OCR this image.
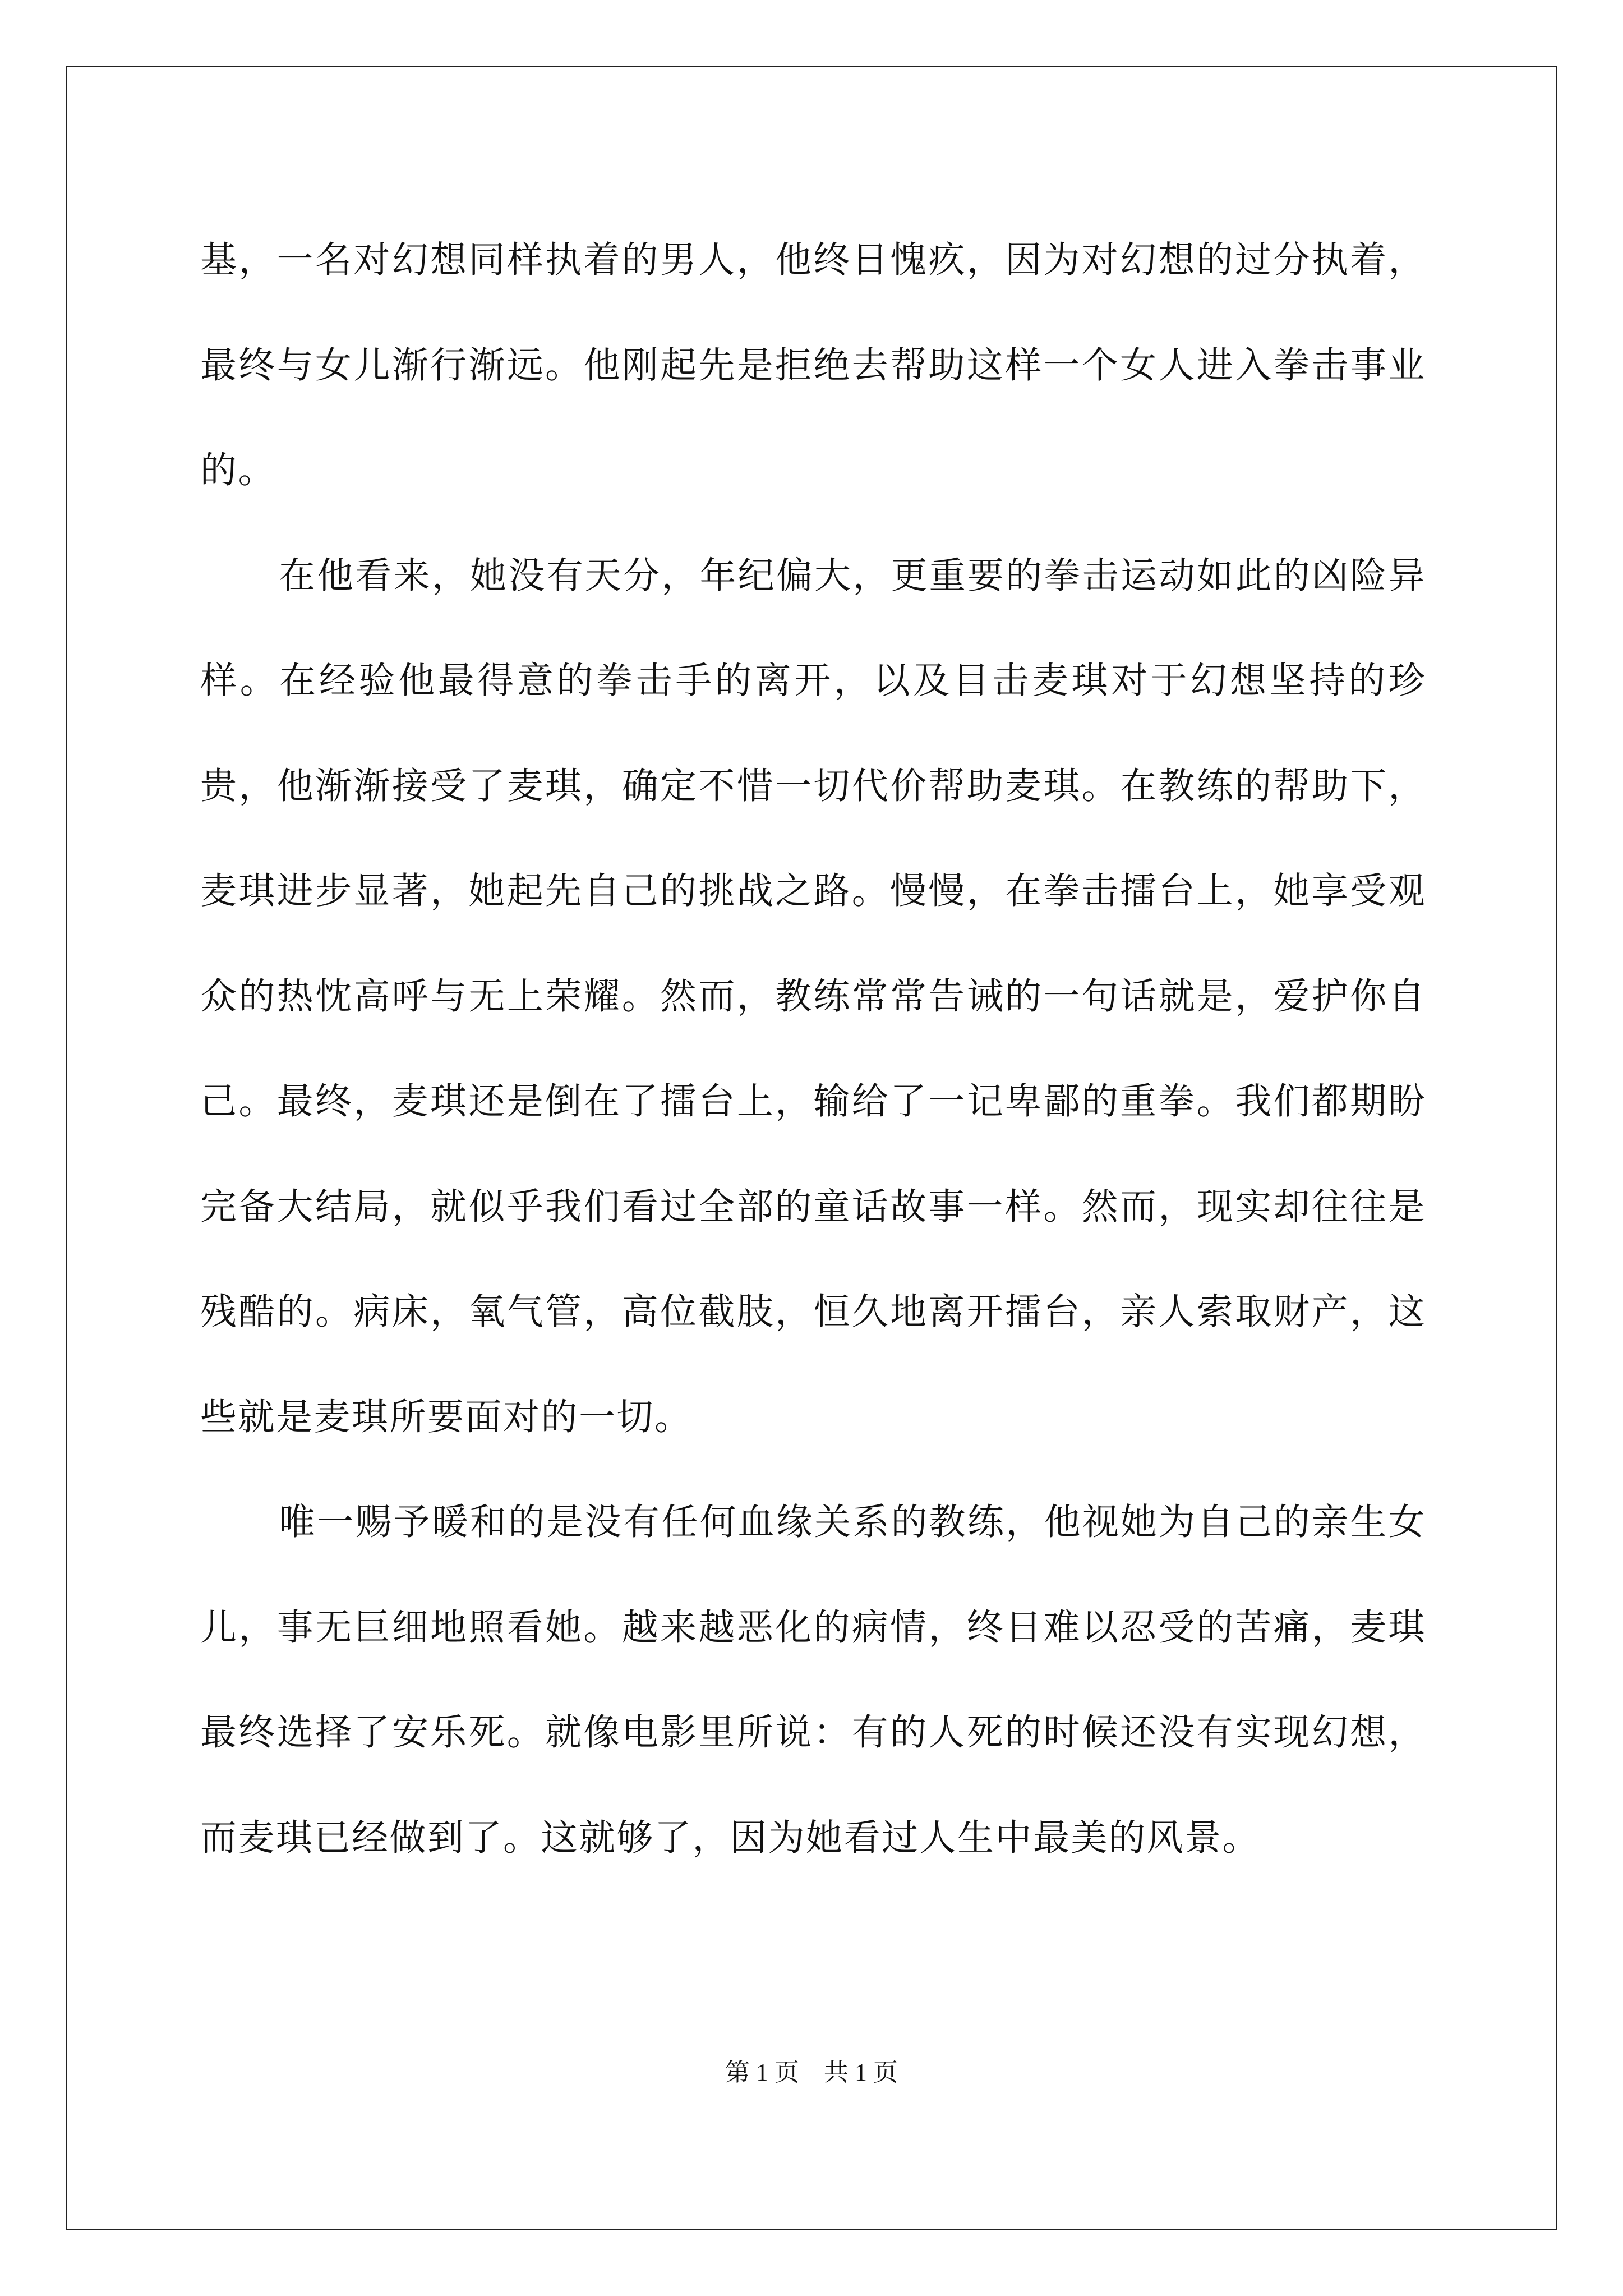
基，一名对幻想同样执着的男人，他终日愧疚，因为对幻想的过分执着，最终与女儿渐行渐远。他刚起先是拒绝去帮助这样一个女人进入拳击事业的。

在他看来，她没有天分，年纪偏大，更重要的拳击运动如此的凶险异样。在经验他最得意的拳击手的离开，以及目击麦琪对于幻想坚持的珍贵，他渐渐接受了麦琪，确定不惜一切代价帮助麦琪。在教练的帮助下，麦琪进步显著，她起先自己的挑战之路。慢慢，在拳击擂台上，她享受观众的热忱高呼与无上荣耀。然而，教练常常告诫的一句话就是，爱护你自己。最终，麦琪还是倒在了擂台上，输给了一记卑鄙的重拳。我们都期盼完备大结局，就似乎我们看过全部的童话故事一样。然而，现实却往往是残酷的。病床，氧气管，高位截肢，恒久地离开擂台，亲人索取财产，这些就是麦琪所要面对的一切。

唯一赐予暖和的是没有任何血缘关系的教练，他视她为自己的亲生女儿，事无巨细地照看她。越来越恶化的病情，终日难以忍受的苦痛，麦琪最终选择了安乐死。就像电影里所说：有的人死的时候还没有实现幻想，而麦琪已经做到了。这就够了，因为她看过人生中最美的风景。

第 1 页    共 1 页
